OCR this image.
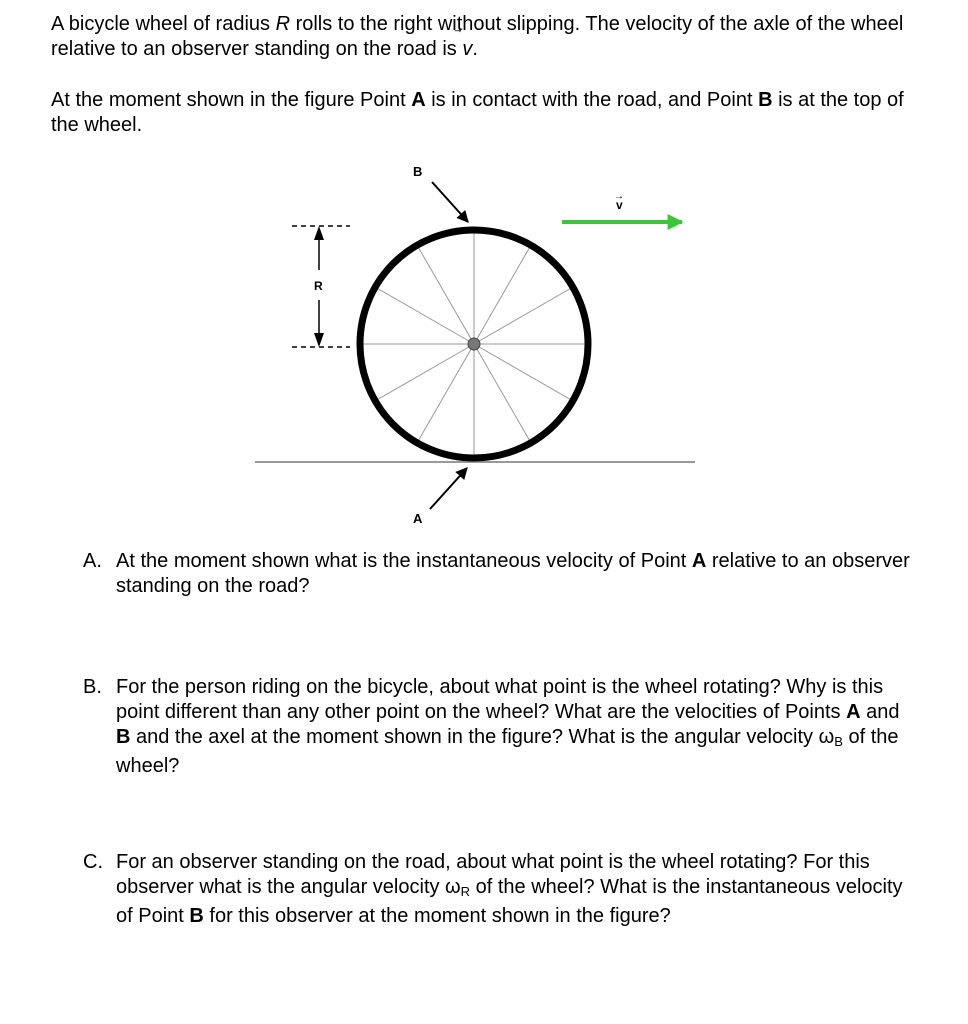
A bicycle wheel of radius R rolls to the right without slipping. The velocity of the axle of the wheel relative to an observer standing on the road is v
.

At the moment shown in the figure Point A is in contact with the road, and Point B is at the top of the wheel.

B
A
R
→
v
A. At the moment shown what is the instantaneous velocity of Point A relative to an observer standing on the road?
B. For the person riding on the bicycle, about what point is the wheel rotating? Why is this point different than any other point on the wheel? What are the velocities of Points A and B and the axel at the moment shown in the figure? What is the angular velocity $\omega_B$ of the wheel?
C. For an observer standing on the road, about what point is the wheel rotating? For this observer what is the angular velocity $\omega_R$ of the wheel? What is the instantaneous velocity of Point B for this observer at the moment shown in the figure?
